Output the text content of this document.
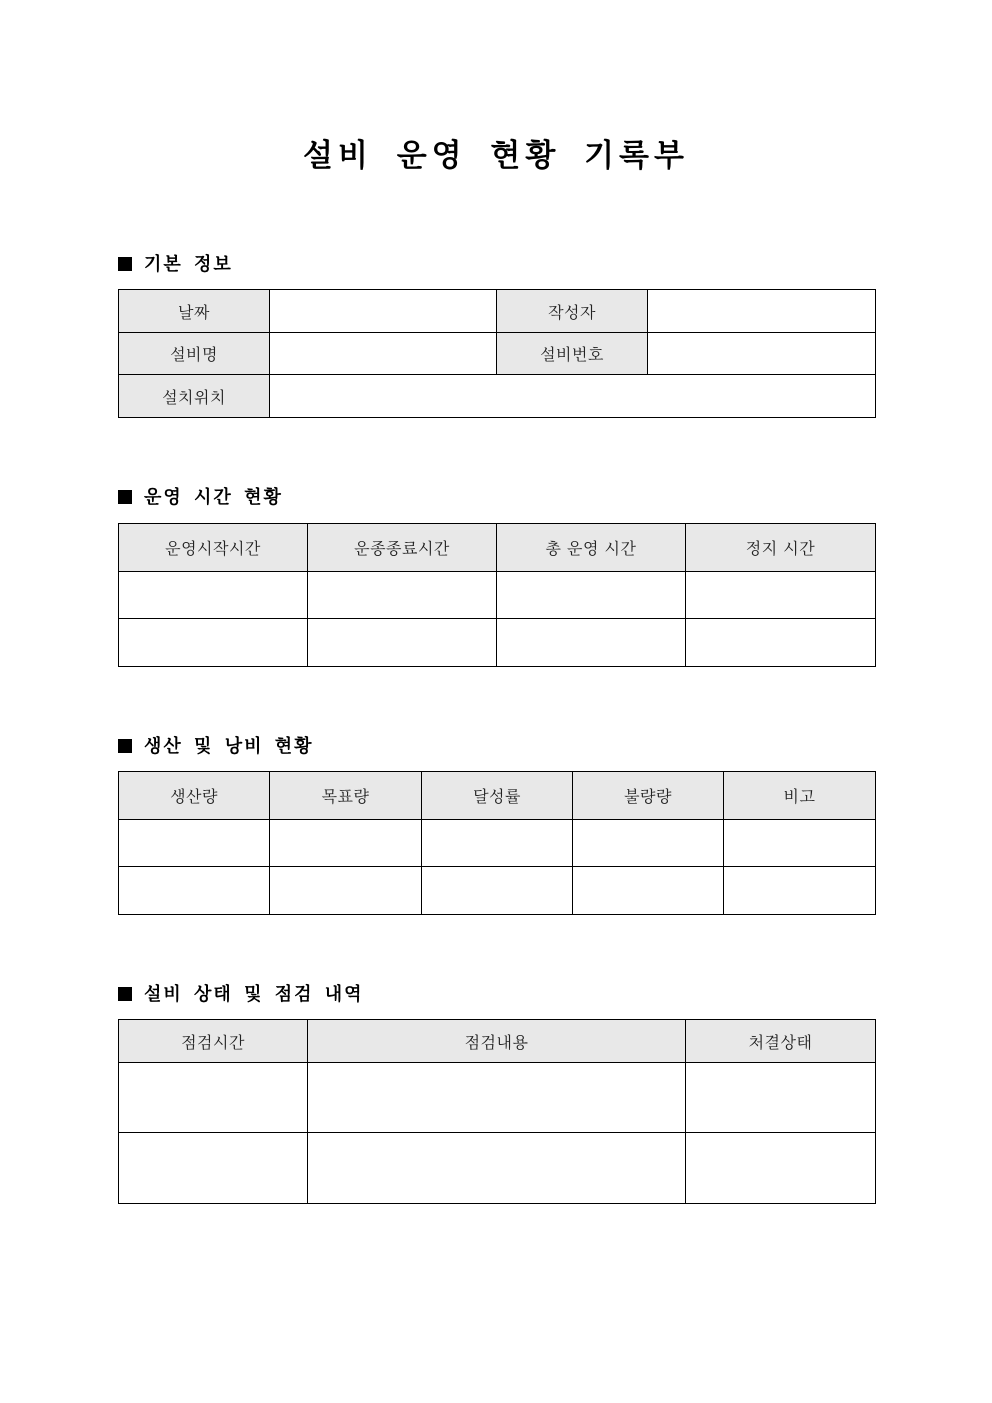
설비 운영 현황 기록부
기본 정보
날짜		작성자	
설비명		설비번호	
설치위치			
운영 시간 현황
운영시작시간	운종종료시간	총 운영 시간	정지 시간

생산 및 낭비 현황
생산량	목표량	달성률	불량량	비고

설비 상태 및 점검 내역
점검시간	점검내용	처결상태
